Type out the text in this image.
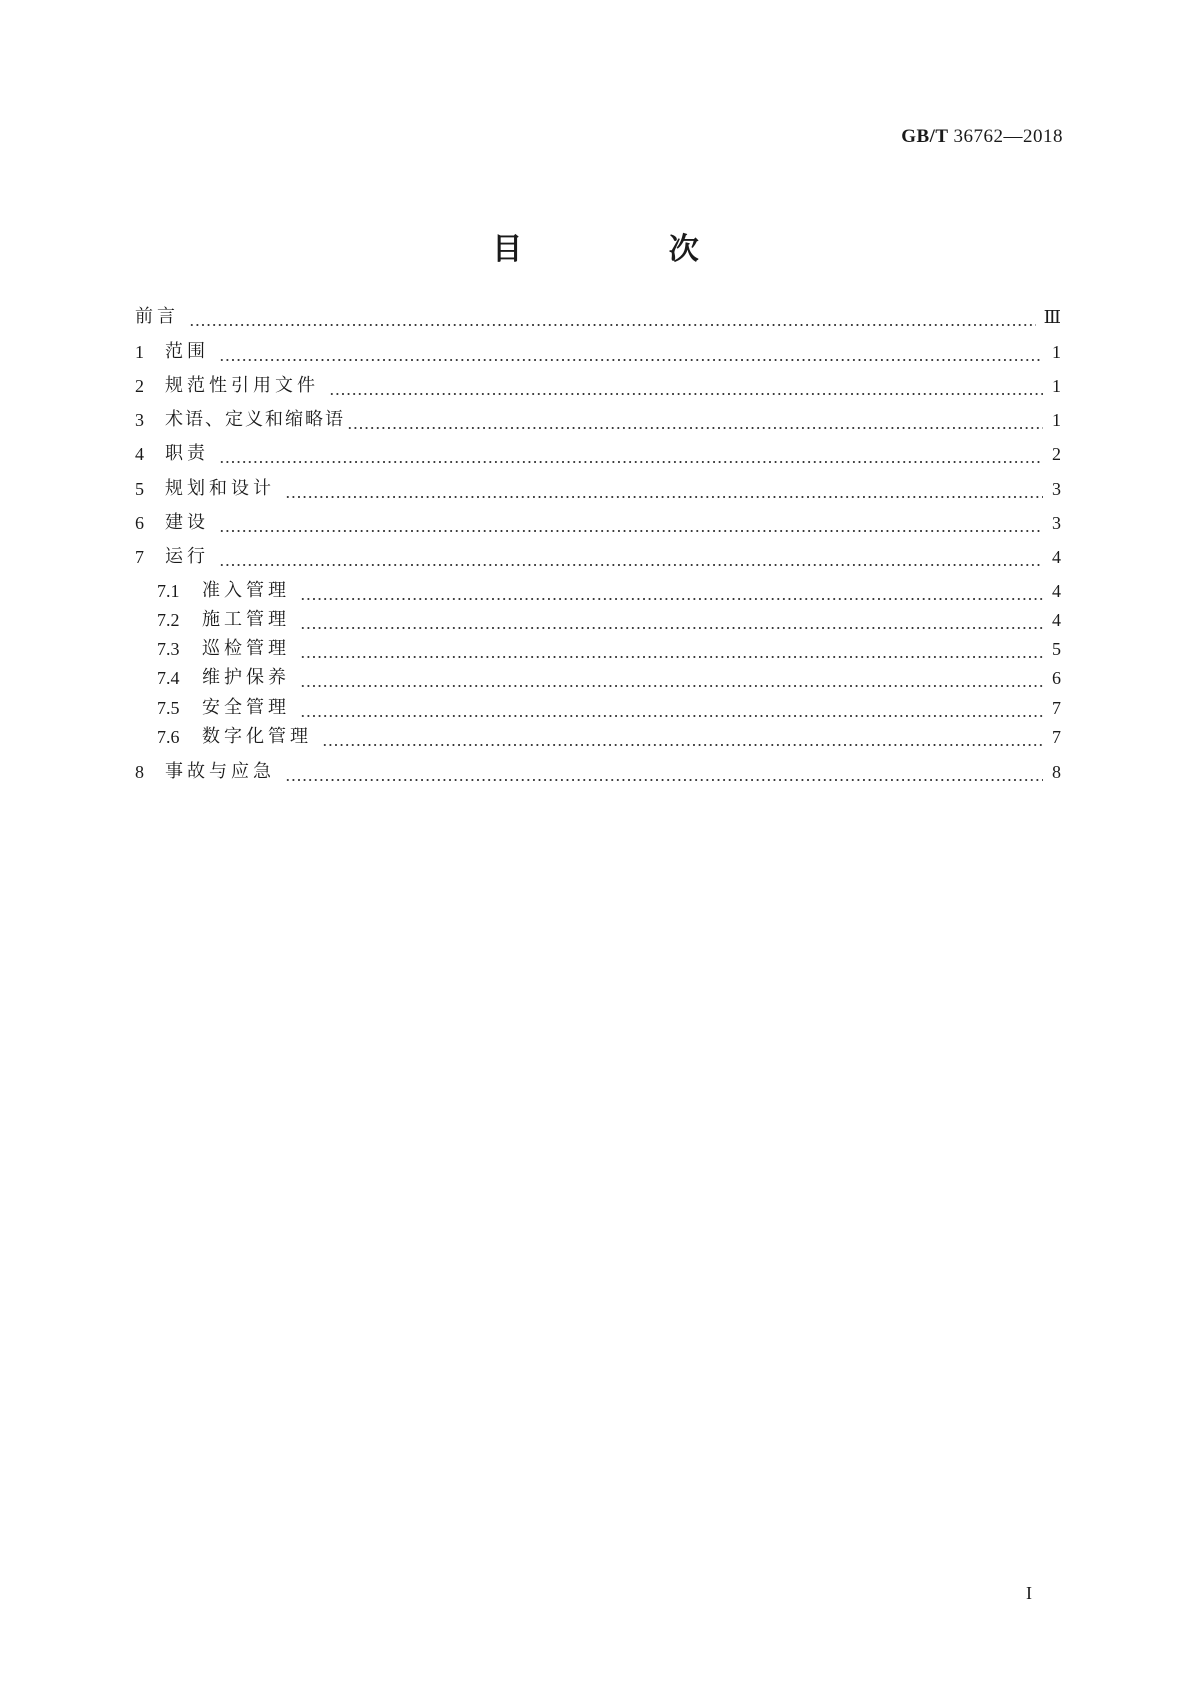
GB/T 36762—2018
目 次
前言	Ⅲ
1	范围	1
2	规范性引用文件	1
3	术语、定义和缩略语	1
4	职责	2
5	规划和设计	3
6	建设	3
7	运行	4
7.1	准入管理	4
7.2	施工管理	4
7.3	巡检管理	5
7.4	维护保养	6
7.5	安全管理	7
7.6	数字化管理	7
8	事故与应急	8
I
